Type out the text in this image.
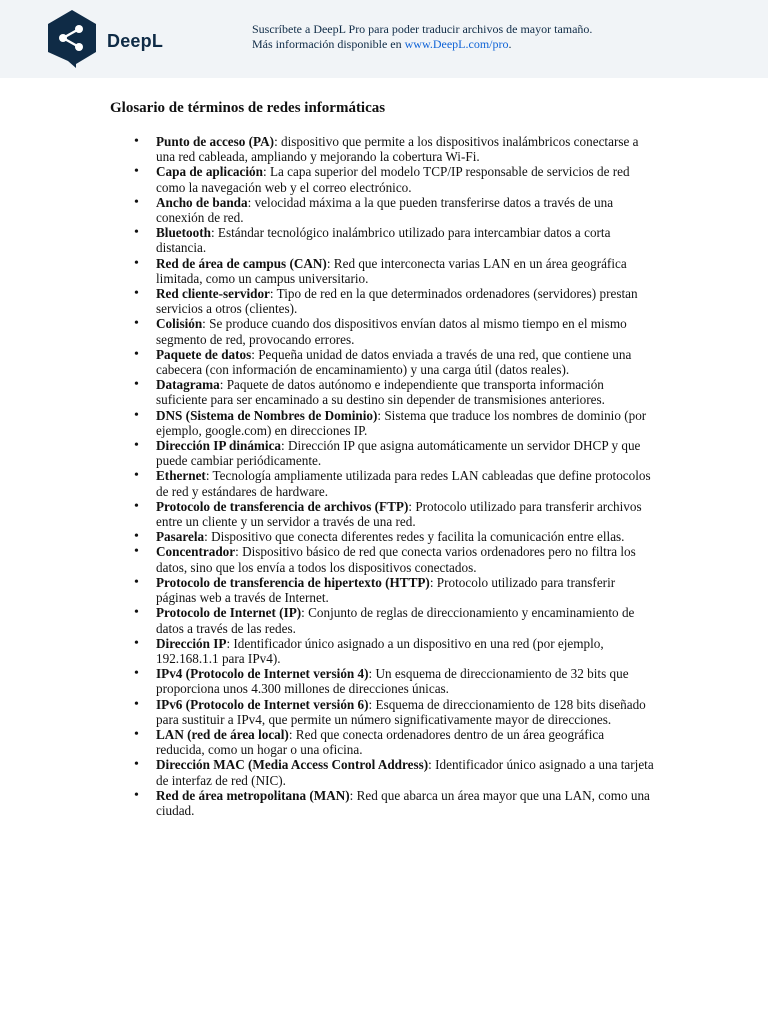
DeepL
Suscríbete a DeepL Pro para poder traducir archivos de mayor tamaño.
Más información disponible en www.DeepL.com/pro.
Glosario de términos de redes informáticas
• Punto de acceso (PA): dispositivo que permite a los dispositivos inalámbricos conectarse a una red cableada, ampliando y mejorando la cobertura Wi-Fi.
• Capa de aplicación: La capa superior del modelo TCP/IP responsable de servicios de red como la navegación web y el correo electrónico.
• Ancho de banda: velocidad máxima a la que pueden transferirse datos a través de una conexión de red.
• Bluetooth: Estándar tecnológico inalámbrico utilizado para intercambiar datos a corta distancia.
• Red de área de campus (CAN): Red que interconecta varias LAN en un área geográfica limitada, como un campus universitario.
• Red cliente-servidor: Tipo de red en la que determinados ordenadores (servidores) prestan servicios a otros (clientes).
• Colisión: Se produce cuando dos dispositivos envían datos al mismo tiempo en el mismo segmento de red, provocando errores.
• Paquete de datos: Pequeña unidad de datos enviada a través de una red, que contiene una cabecera (con información de encaminamiento) y una carga útil (datos reales).
• Datagrama: Paquete de datos autónomo e independiente que transporta información suficiente para ser encaminado a su destino sin depender de transmisiones anteriores.
• DNS (Sistema de Nombres de Dominio): Sistema que traduce los nombres de dominio (por ejemplo, google.com) en direcciones IP.
• Dirección IP dinámica: Dirección IP que asigna automáticamente un servidor DHCP y que puede cambiar periódicamente.
• Ethernet: Tecnología ampliamente utilizada para redes LAN cableadas que define protocolos de red y estándares de hardware.
• Protocolo de transferencia de archivos (FTP): Protocolo utilizado para transferir archivos entre un cliente y un servidor a través de una red.
• Pasarela: Dispositivo que conecta diferentes redes y facilita la comunicación entre ellas.
• Concentrador: Dispositivo básico de red que conecta varios ordenadores pero no filtra los datos, sino que los envía a todos los dispositivos conectados.
• Protocolo de transferencia de hipertexto (HTTP): Protocolo utilizado para transferir páginas web a través de Internet.
• Protocolo de Internet (IP): Conjunto de reglas de direccionamiento y encaminamiento de datos a través de las redes.
• Dirección IP: Identificador único asignado a un dispositivo en una red (por ejemplo, 192.168.1.1 para IPv4).
• IPv4 (Protocolo de Internet versión 4): Un esquema de direccionamiento de 32 bits que proporciona unos 4.300 millones de direcciones únicas.
• IPv6 (Protocolo de Internet versión 6): Esquema de direccionamiento de 128 bits diseñado para sustituir a IPv4, que permite un número significativamente mayor de direcciones.
• LAN (red de área local): Red que conecta ordenadores dentro de un área geográfica reducida, como un hogar o una oficina.
• Dirección MAC (Media Access Control Address): Identificador único asignado a una tarjeta de interfaz de red (NIC).
• Red de área metropolitana (MAN): Red que abarca un área mayor que una LAN, como una ciudad.
